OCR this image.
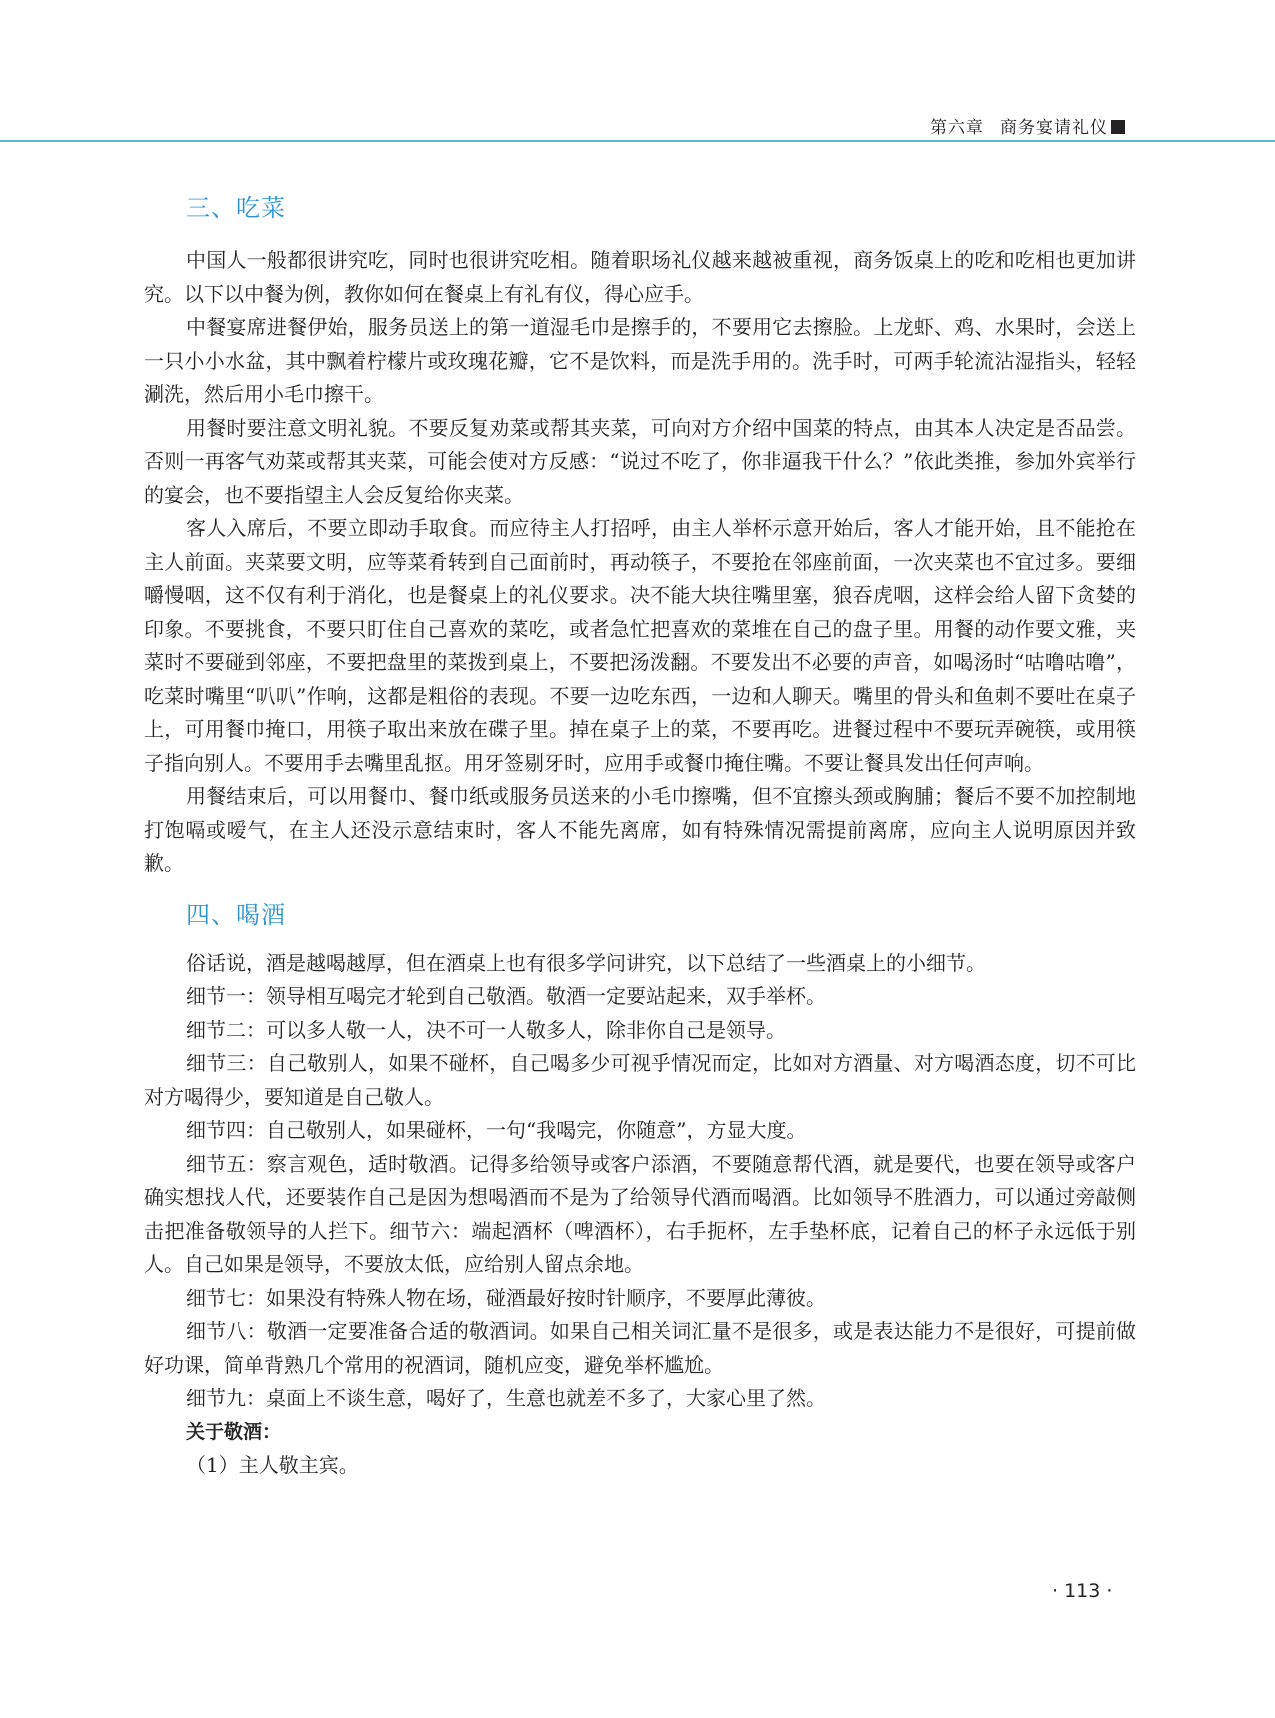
第六章 商务宴请礼仪
三、吃菜

中国人一般都很讲究吃，同时也很讲究吃相。随着职场礼仪越来越被重视，商务饭桌上的吃和吃相也更加讲究。以下以中餐为例，教你如何在餐桌上有礼有仪，得心应手。

中餐宴席进餐伊始，服务员送上的第一道湿毛巾是擦手的，不要用它去擦脸。上龙虾、鸡、水果时，会送上一只小小水盆，其中飘着柠檬片或玫瑰花瓣，它不是饮料，而是洗手用的。洗手时，可两手轮流沾湿指头，轻轻涮洗，然后用小毛巾擦干。

用餐时要注意文明礼貌。不要反复劝菜或帮其夹菜，可向对方介绍中国菜的特点，由其本人决定是否品尝。否则一再客气劝菜或帮其夹菜，可能会使对方反感：“说过不吃了，你非逼我干什么？”依此类推，参加外宾举行的宴会，也不要指望主人会反复给你夹菜。

客人入席后，不要立即动手取食。而应待主人打招呼，由主人举杯示意开始后，客人才能开始，且不能抢在主人前面。夹菜要文明，应等菜肴转到自己面前时，再动筷子，不要抢在邻座前面，一次夹菜也不宜过多。要细嚼慢咽，这不仅有利于消化，也是餐桌上的礼仪要求。决不能大块往嘴里塞，狼吞虎咽，这样会给人留下贪婪的印象。不要挑食，不要只盯住自己喜欢的菜吃，或者急忙把喜欢的菜堆在自己的盘子里。用餐的动作要文雅，夹菜时不要碰到邻座，不要把盘里的菜拨到桌上，不要把汤泼翻。不要发出不必要的声音，如喝汤时“咕噜咕噜”，吃菜时嘴里“叭叭”作响，这都是粗俗的表现。不要一边吃东西，一边和人聊天。嘴里的骨头和鱼刺不要吐在桌子上，可用餐巾掩口，用筷子取出来放在碟子里。掉在桌子上的菜，不要再吃。进餐过程中不要玩弄碗筷，或用筷子指向别人。不要用手去嘴里乱抠。用牙签剔牙时，应用手或餐巾掩住嘴。不要让餐具发出任何声响。

用餐结束后，可以用餐巾、餐巾纸或服务员送来的小毛巾擦嘴，但不宜擦头颈或胸脯；餐后不要不加控制地打饱嗝或嗳气，在主人还没示意结束时，客人不能先离席，如有特殊情况需提前离席，应向主人说明原因并致歉。

四、喝酒

俗话说，酒是越喝越厚，但在酒桌上也有很多学问讲究，以下总结了一些酒桌上的小细节。

细节一：领导相互喝完才轮到自己敬酒。敬酒一定要站起来，双手举杯。

细节二：可以多人敬一人，决不可一人敬多人，除非你自己是领导。

细节三：自己敬别人，如果不碰杯，自己喝多少可视乎情况而定，比如对方酒量、对方喝酒态度，切不可比对方喝得少，要知道是自己敬人。

细节四：自己敬别人，如果碰杯，一句“我喝完，你随意”，方显大度。

细节五：察言观色，适时敬酒。记得多给领导或客户添酒，不要随意帮代酒，就是要代，也要在领导或客户确实想找人代，还要装作自己是因为想喝酒而不是为了给领导代酒而喝酒。比如领导不胜酒力，可以通过旁敲侧击把准备敬领导的人拦下。细节六：端起酒杯（啤酒杯），右手扼杯，左手垫杯底，记着自己的杯子永远低于别人。自己如果是领导，不要放太低，应给别人留点余地。

细节七：如果没有特殊人物在场，碰酒最好按时针顺序，不要厚此薄彼。

细节八：敬酒一定要准备合适的敬酒词。如果自己相关词汇量不是很多，或是表达能力不是很好，可提前做好功课，简单背熟几个常用的祝酒词，随机应变，避免举杯尴尬。

细节九：桌面上不谈生意，喝好了，生意也就差不多了，大家心里了然。

关于敬酒：
（1）主人敬主宾。
· 113 ·
